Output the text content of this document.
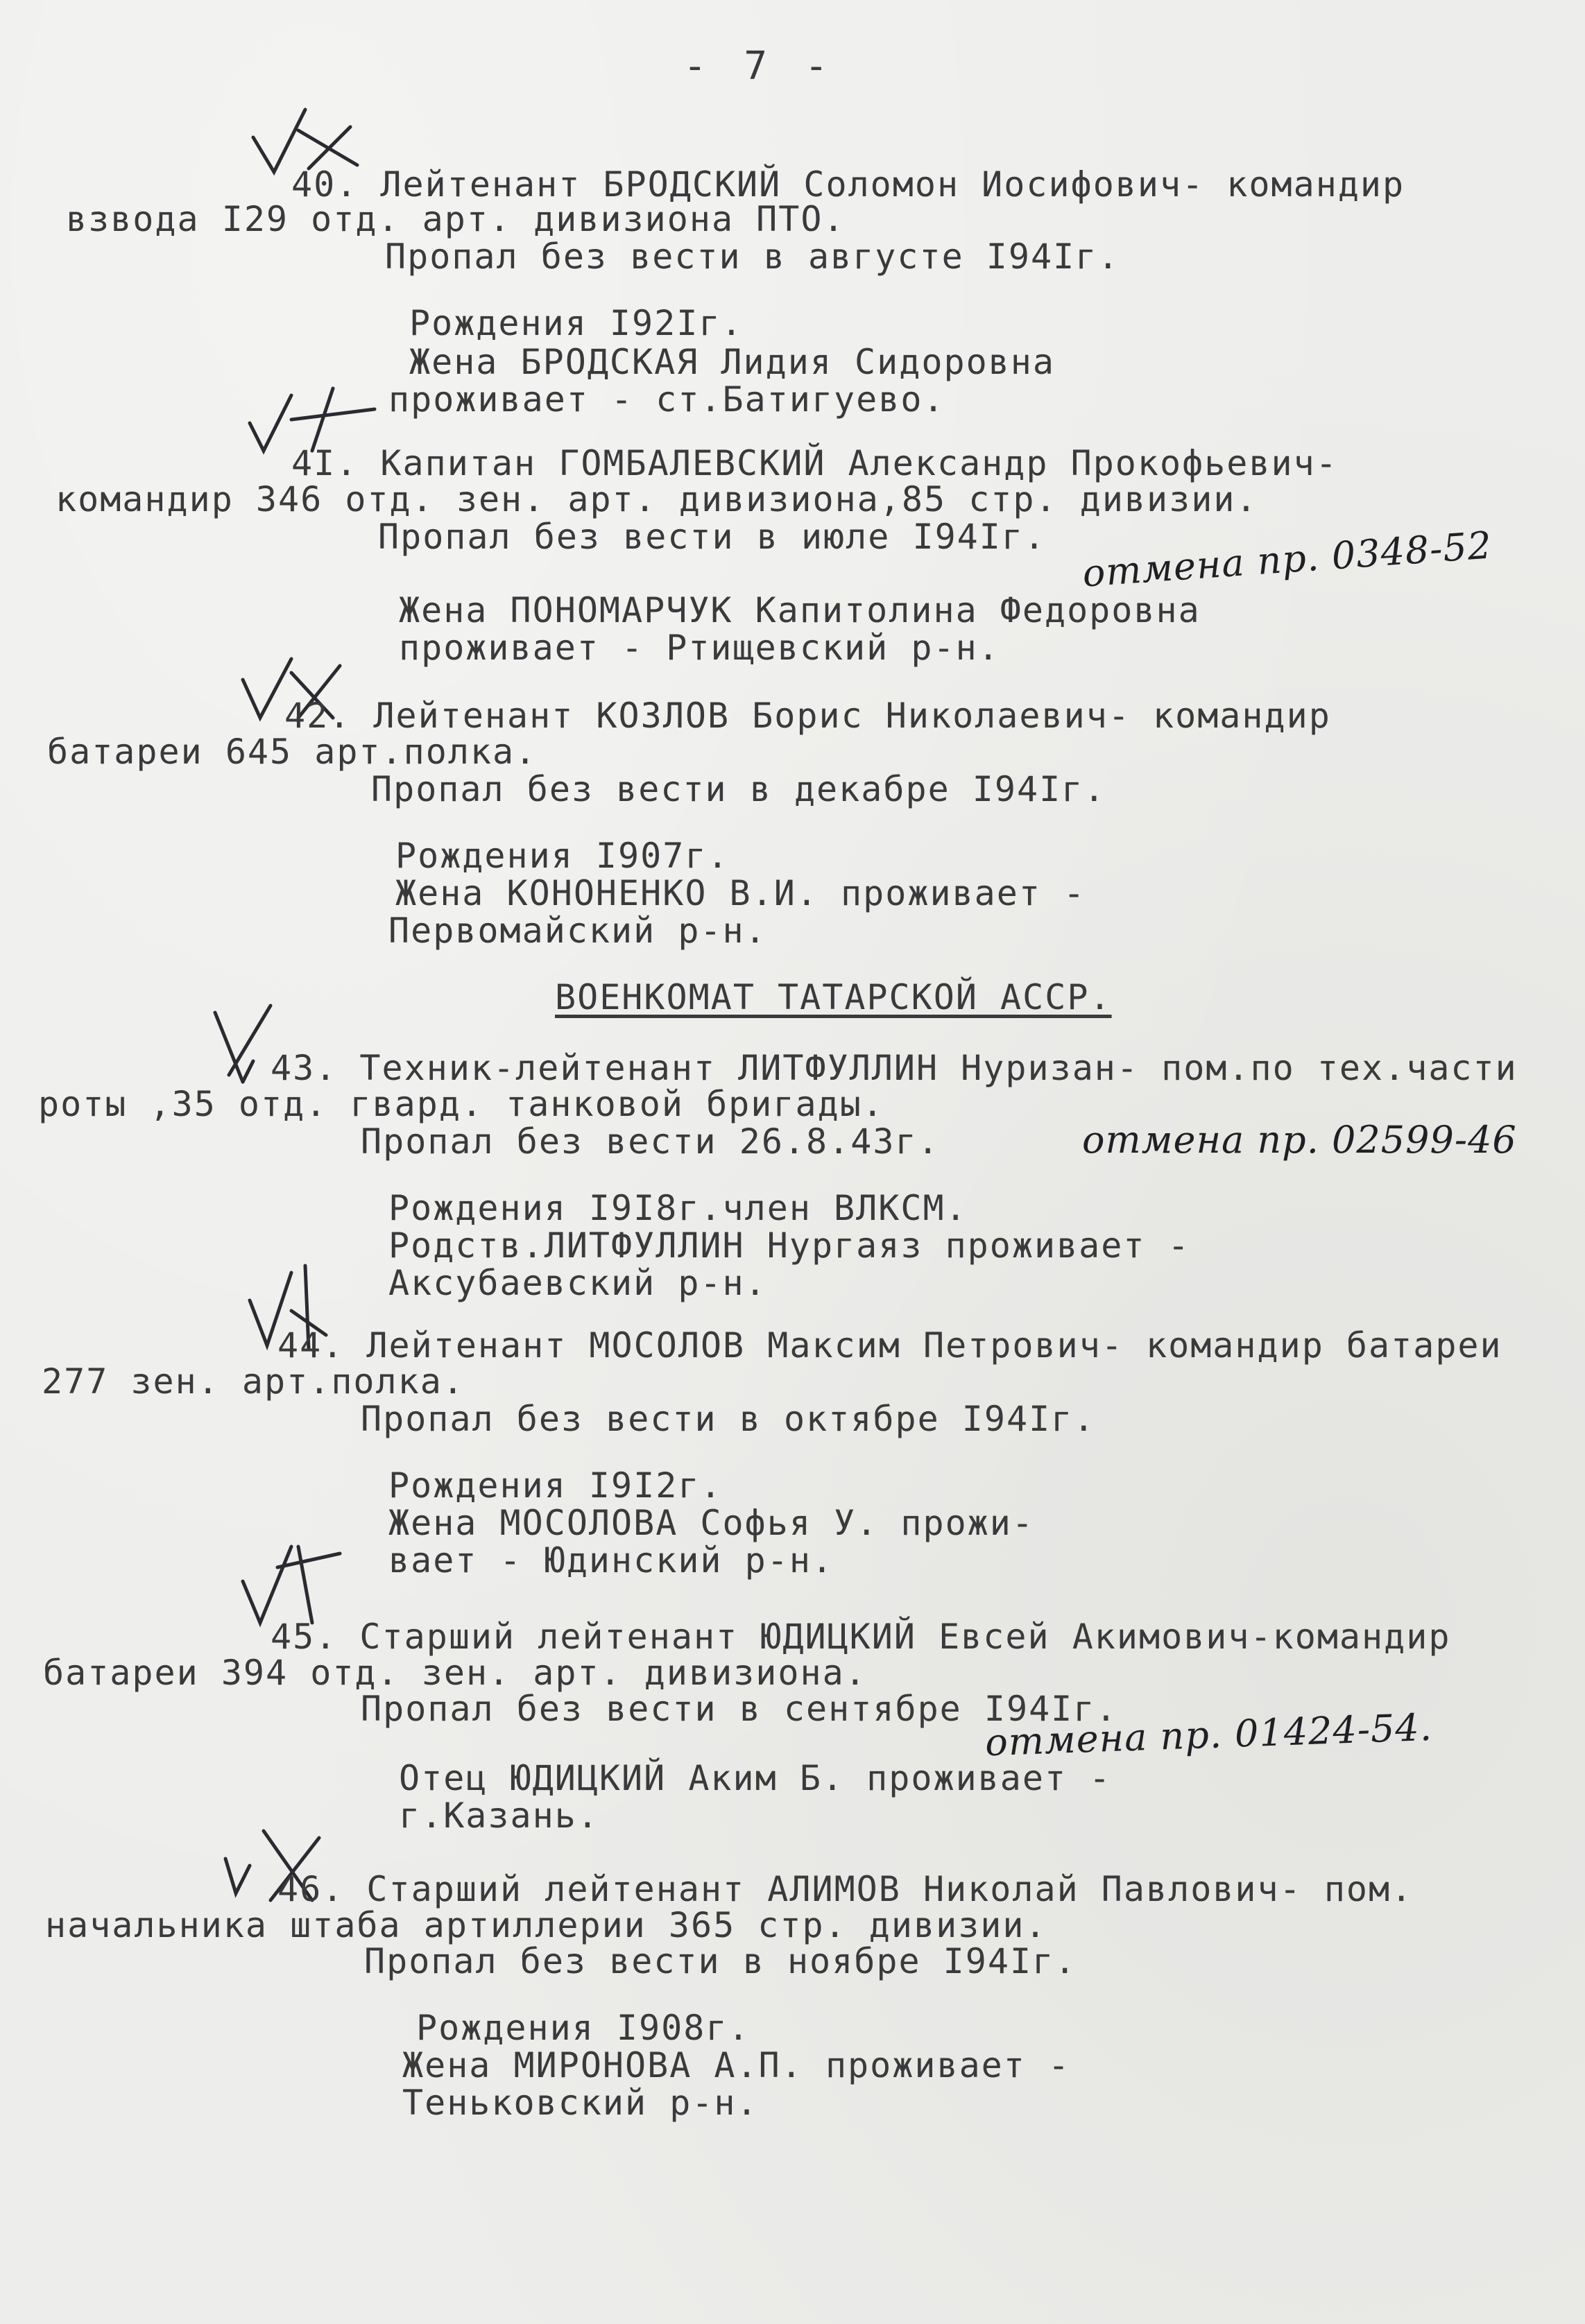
- 7 -
40. Лейтенант БРОДСКИЙ Соломон Иосифович- командир
взвода I29 отд. арт. дивизиона ПТО.
Пропал без вести в августе I94Iг.
Рождения I92Iг.
Жена БРОДСКАЯ Лидия Сидоровна
проживает - ст.Батигуево.
4I. Капитан ГОМБАЛЕВСКИЙ Александр Прокофьевич-
командир 346 отд. зен. арт. дивизиона,85 стр. дивизии.
Пропал без вести в июле I94Iг. отмена пр. 0348-52
Жена ПОНОМАРЧУК Капитолина Федоровна
проживает - Ртищевский р-н.
42. Лейтенант КОЗЛОВ Борис Николаевич- командир
батареи 645 арт.полка.
Пропал без вести в декабре I94Iг.
Рождения I907г.
Жена КОНОНЕНКО В.И. проживает -
Первомайский р-н.
ВОЕНКОМАТ ТАТАРСКОЙ АССР.
43. Техник-лейтенант ЛИТФУЛЛИН Нуризан- пом.по тех.части
роты ,35 отд. гвард. танковой бригады.
Пропал без вести 26.8.43г.	отмена пр. 02599-46
Рождения I9I8г.член ВЛКСМ.
Родств.ЛИТФУЛЛИН Нургаяз проживает -
Аксубаевский р-н.
44. Лейтенант МОСОЛОВ Максим Петрович- командир батареи
277 зен. арт.полка.
Пропал без вести в октябре I94Iг.
Рождения I9I2г.
Жена МОСОЛОВА Софья У. прожи-
вает - Юдинский р-н.
45. Старший лейтенант ЮДИЦКИЙ Евсей Акимович-командир
батареи 394 отд. зен. арт. дивизиона.
Пропал без вести в сентябре I94Iг.
отмена пр. 01424-54.
Отец ЮДИЦКИЙ Аким Б. проживает -
г.Казань.
46. Старший лейтенант АЛИМОВ Николай Павлович- пом.
начальника штаба артиллерии 365 стр. дивизии.
Пропал без вести в ноябре I94Iг.
Рождения I908г.
Жена МИРОНОВА А.П. проживает -
Теньковский р-н.
